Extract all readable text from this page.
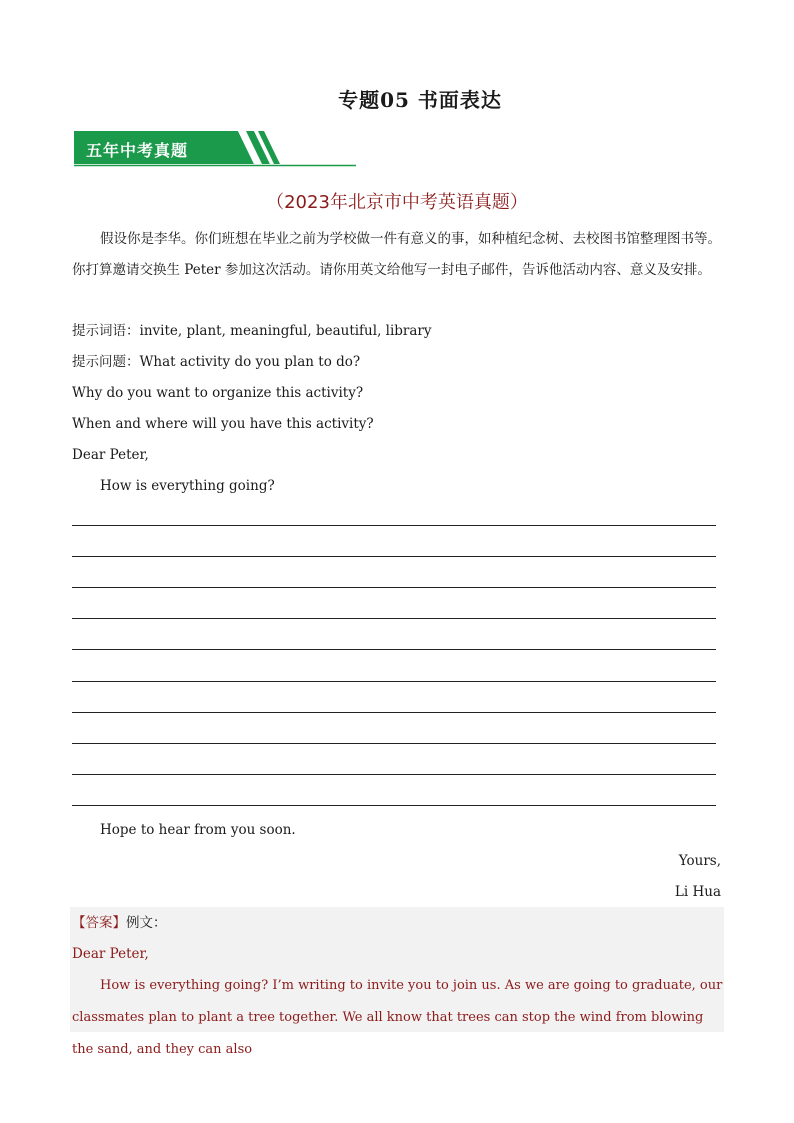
专题05 书面表达
五年中考真题
（2023年北京市中考英语真题）
假设你是李华。你们班想在毕业之前为学校做一件有意义的事，如种植纪念树、去校图书馆整理图书等。你打算邀请交换生 Peter 参加这次活动。请你用英文给他写一封电子邮件，告诉他活动内容、意义及安排。
提示词语：invite, plant, meaningful, beautiful, library
提示问题：What activity do you plan to do?
Why do you want to organize this activity?
When and where will you have this activity?
Dear Peter,
How is everything going?
Hope to hear from you soon.
Yours,
Li Hua
【答案】例文：
Dear Peter,
How is everything going? I’m writing to invite you to join us. As we are going to graduate, our classmates plan to plant a tree together. We all know that trees can stop the wind from blowing the sand, and they can also
